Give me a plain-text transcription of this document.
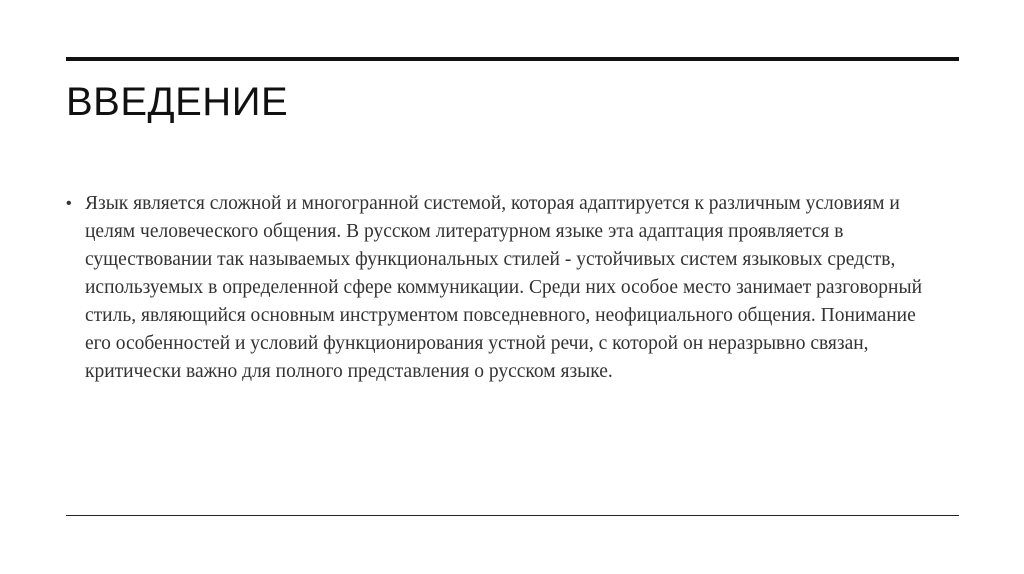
ВВЕДЕНИЕ
• Язык является сложной и многогранной системой, которая адаптируется к различным условиям и целям человеческого общения. В русском литературном языке эта адаптация проявляется в существовании так называемых функциональных стилей - устойчивых систем языковых средств, используемых в определенной сфере коммуникации. Среди них особое место занимает разговорный стиль, являющийся основным инструментом повседневного, неофициального общения. Понимание его особенностей и условий функционирования устной речи, с которой он неразрывно связан, критически важно для полного представления о русском языке.
